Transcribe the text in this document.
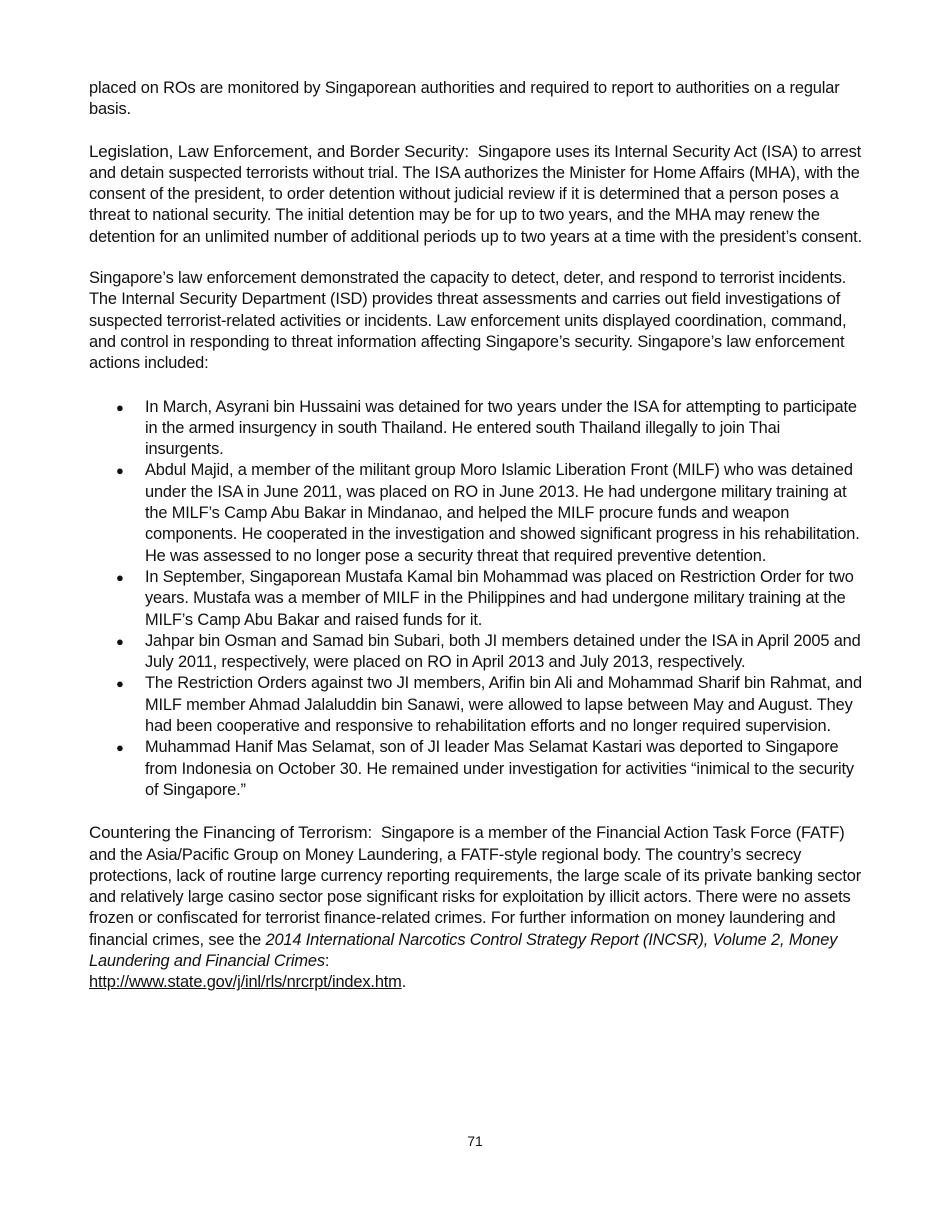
placed on ROs are monitored by Singaporean authorities and required to report to authorities on a regular basis.

Legislation, Law Enforcement, and Border Security: Singapore uses its Internal Security Act (ISA) to arrest and detain suspected terrorists without trial. The ISA authorizes the Minister for Home Affairs (MHA), with the consent of the president, to order detention without judicial review if it is determined that a person poses a threat to national security. The initial detention may be for up to two years, and the MHA may renew the detention for an unlimited number of additional periods up to two years at a time with the president’s consent.

Singapore’s law enforcement demonstrated the capacity to detect, deter, and respond to terrorist incidents. The Internal Security Department (ISD) provides threat assessments and carries out field investigations of suspected terrorist-related activities or incidents. Law enforcement units displayed coordination, command, and control in responding to threat information affecting Singapore’s security. Singapore’s law enforcement actions included:

● In March, Asyrani bin Hussaini was detained for two years under the ISA for attempting to participate in the armed insurgency in south Thailand. He entered south Thailand illegally to join Thai insurgents.
● Abdul Majid, a member of the militant group Moro Islamic Liberation Front (MILF) who was detained under the ISA in June 2011, was placed on RO in June 2013. He had undergone military training at the MILF’s Camp Abu Bakar in Mindanao, and helped the MILF procure funds and weapon components. He cooperated in the investigation and showed significant progress in his rehabilitation. He was assessed to no longer pose a security threat that required preventive detention.
● In September, Singaporean Mustafa Kamal bin Mohammad was placed on Restriction Order for two years. Mustafa was a member of MILF in the Philippines and had undergone military training at the MILF’s Camp Abu Bakar and raised funds for it.
● Jahpar bin Osman and Samad bin Subari, both JI members detained under the ISA in April 2005 and July 2011, respectively, were placed on RO in April 2013 and July 2013, respectively.
● The Restriction Orders against two JI members, Arifin bin Ali and Mohammad Sharif bin Rahmat, and MILF member Ahmad Jalaluddin bin Sanawi, were allowed to lapse between May and August. They had been cooperative and responsive to rehabilitation efforts and no longer required supervision.
● Muhammad Hanif Mas Selamat, son of JI leader Mas Selamat Kastari was deported to Singapore from Indonesia on October 30. He remained under investigation for activities “inimical to the security of Singapore.”

Countering the Financing of Terrorism: Singapore is a member of the Financial Action Task Force (FATF) and the Asia/Pacific Group on Money Laundering, a FATF-style regional body. The country’s secrecy protections, lack of routine large currency reporting requirements, the large scale of its private banking sector and relatively large casino sector pose significant risks for exploitation by illicit actors. There were no assets frozen or confiscated for terrorist finance-related crimes. For further information on money laundering and financial crimes, see the 2014 International Narcotics Control Strategy Report (INCSR), Volume 2, Money Laundering and Financial Crimes:
http://www.state.gov/j/inl/rls/nrcrpt/index.htm.

71
